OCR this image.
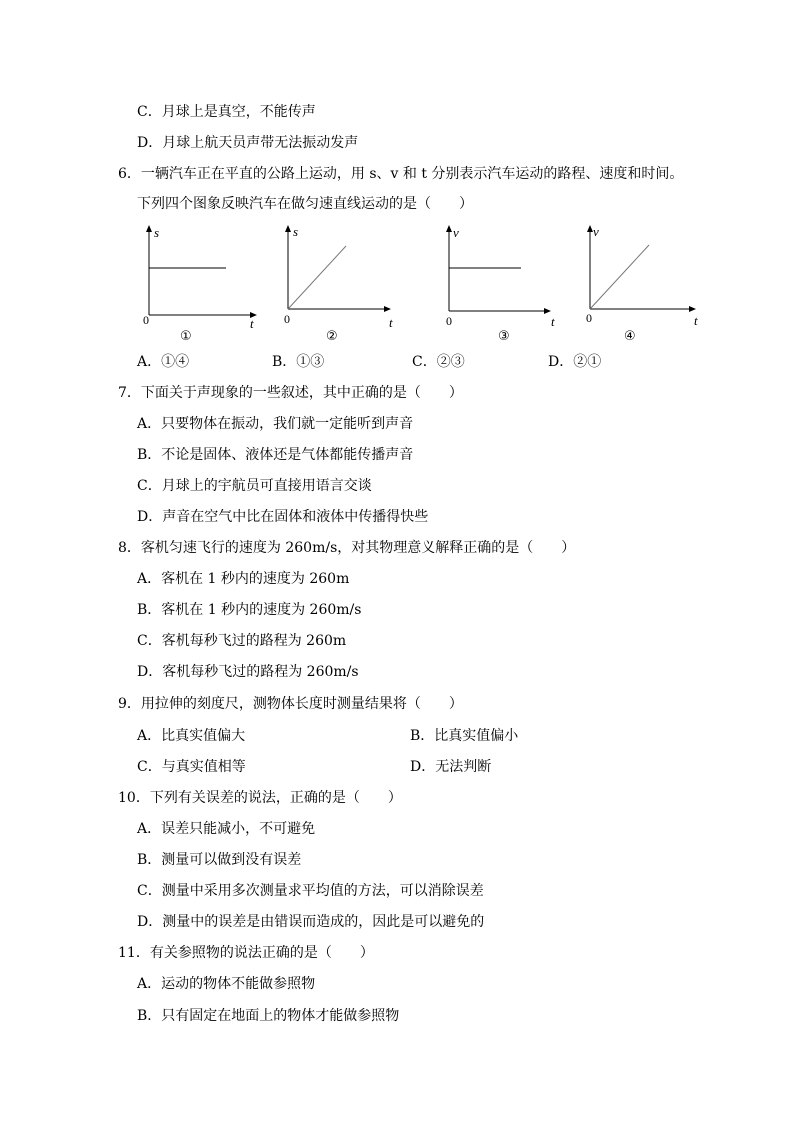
C．月球上是真空，不能传声
D．月球上航天员声带无法振动发声
6．一辆汽车正在平直的公路上运动，用 s、v 和 t 分别表示汽车运动的路程、速度和时间。
下列四个图象反映汽车在做匀速直线运动的是（　　）
s
t
0
①
s
t
0
②
v
t
0
③
v
t
0
④
A．①④	B．①③	C．②③	D．②①
7．下面关于声现象的一些叙述，其中正确的是（　　）
A．只要物体在振动，我们就一定能听到声音
B．不论是固体、液体还是气体都能传播声音
C．月球上的宇航员可直接用语言交谈
D．声音在空气中比在固体和液体中传播得快些
8．客机匀速飞行的速度为 260m/s，对其物理意义解释正确的是（　　）
A．客机在 1 秒内的速度为 260m
B．客机在 1 秒内的速度为 260m/s
C．客机每秒飞过的路程为 260m
D．客机每秒飞过的路程为 260m/s
9．用拉伸的刻度尺，测物体长度时测量结果将（　　）
A．比真实值偏大	B．比真实值偏小
C．与真实值相等	D．无法判断
10．下列有关误差的说法，正确的是（　　）
A．误差只能减小，不可避免
B．测量可以做到没有误差
C．测量中采用多次测量求平均值的方法，可以消除误差
D．测量中的误差是由错误而造成的，因此是可以避免的
11．有关参照物的说法正确的是（　　）
A．运动的物体不能做参照物
B．只有固定在地面上的物体才能做参照物
